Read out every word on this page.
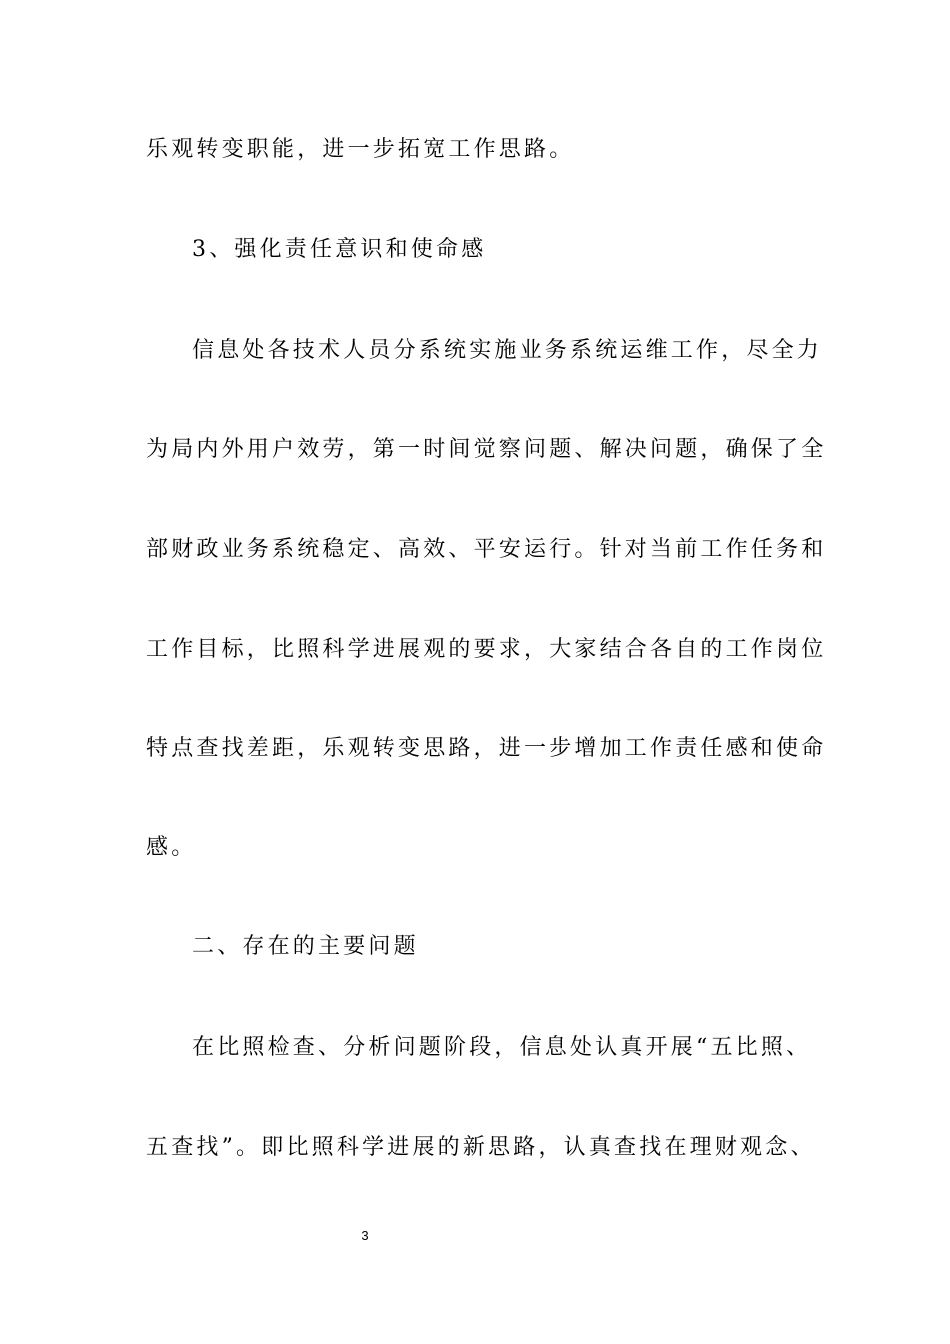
乐观转变职能，进一步拓宽工作思路。
3、强化责任意识和使命感
信息处各技术人员分系统实施业务系统运维工作，尽全力
为局内外用户效劳，第一时间觉察问题、解决问题，确保了全
部财政业务系统稳定、高效、平安运行。针对当前工作任务和
工作目标，比照科学进展观的要求，大家结合各自的工作岗位
特点查找差距，乐观转变思路，进一步增加工作责任感和使命
感。
二、存在的主要问题
在比照检查、分析问题阶段，信息处认真开展“五比照、
五查找”。即比照科学进展的新思路，认真查找在理财观念、
3
